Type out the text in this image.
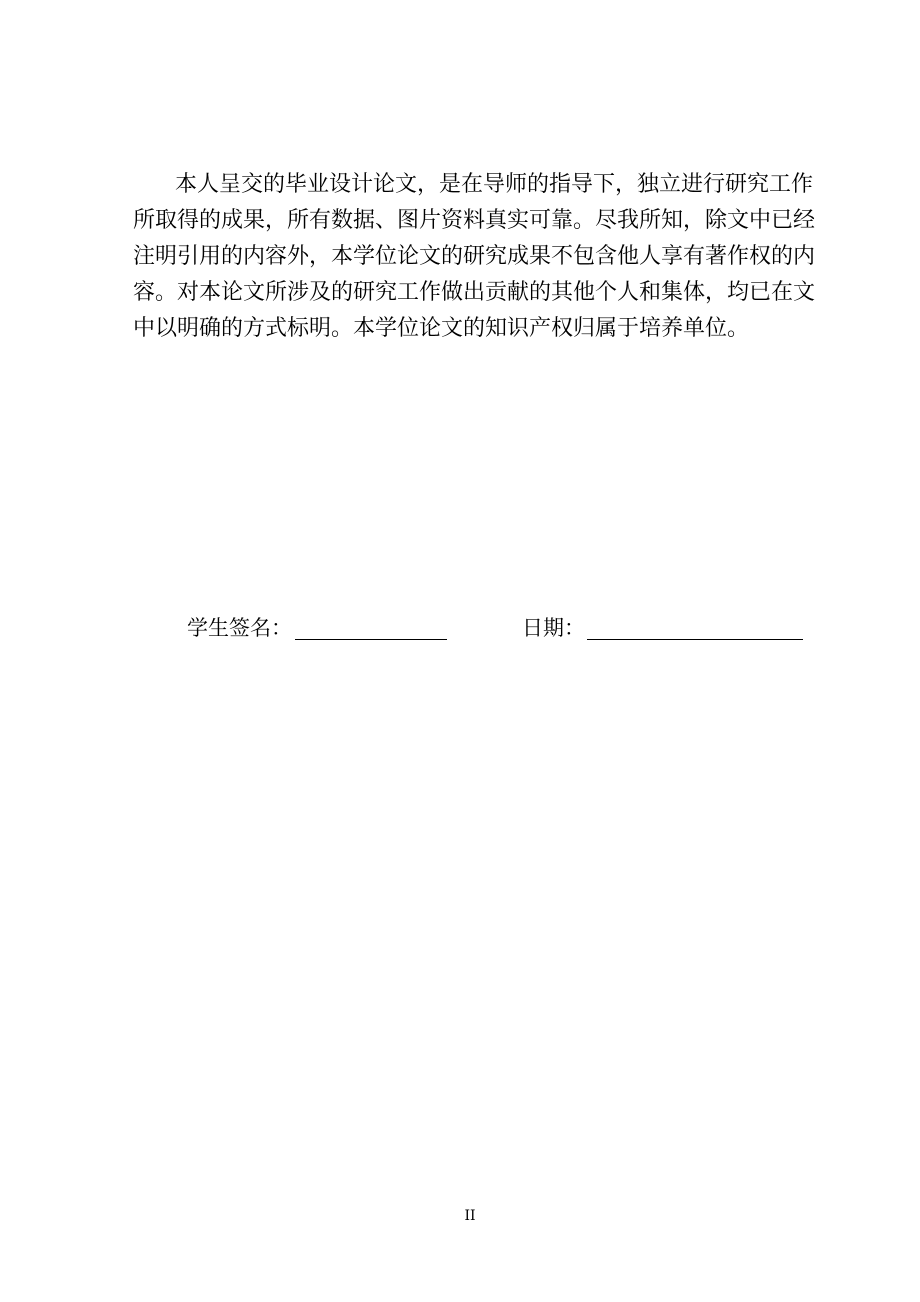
本人呈交的毕业设计论文，是在导师的指导下，独立进行研究工作
所取得的成果，所有数据、图片资料真实可靠。尽我所知，除文中已经
注明引用的内容外，本学位论文的研究成果不包含他人享有著作权的内
容。对本论文所涉及的研究工作做出贡献的其他个人和集体，均已在文
中以明确的方式标明。本学位论文的知识产权归属于培养单位。
学生签名：	日期：
II
